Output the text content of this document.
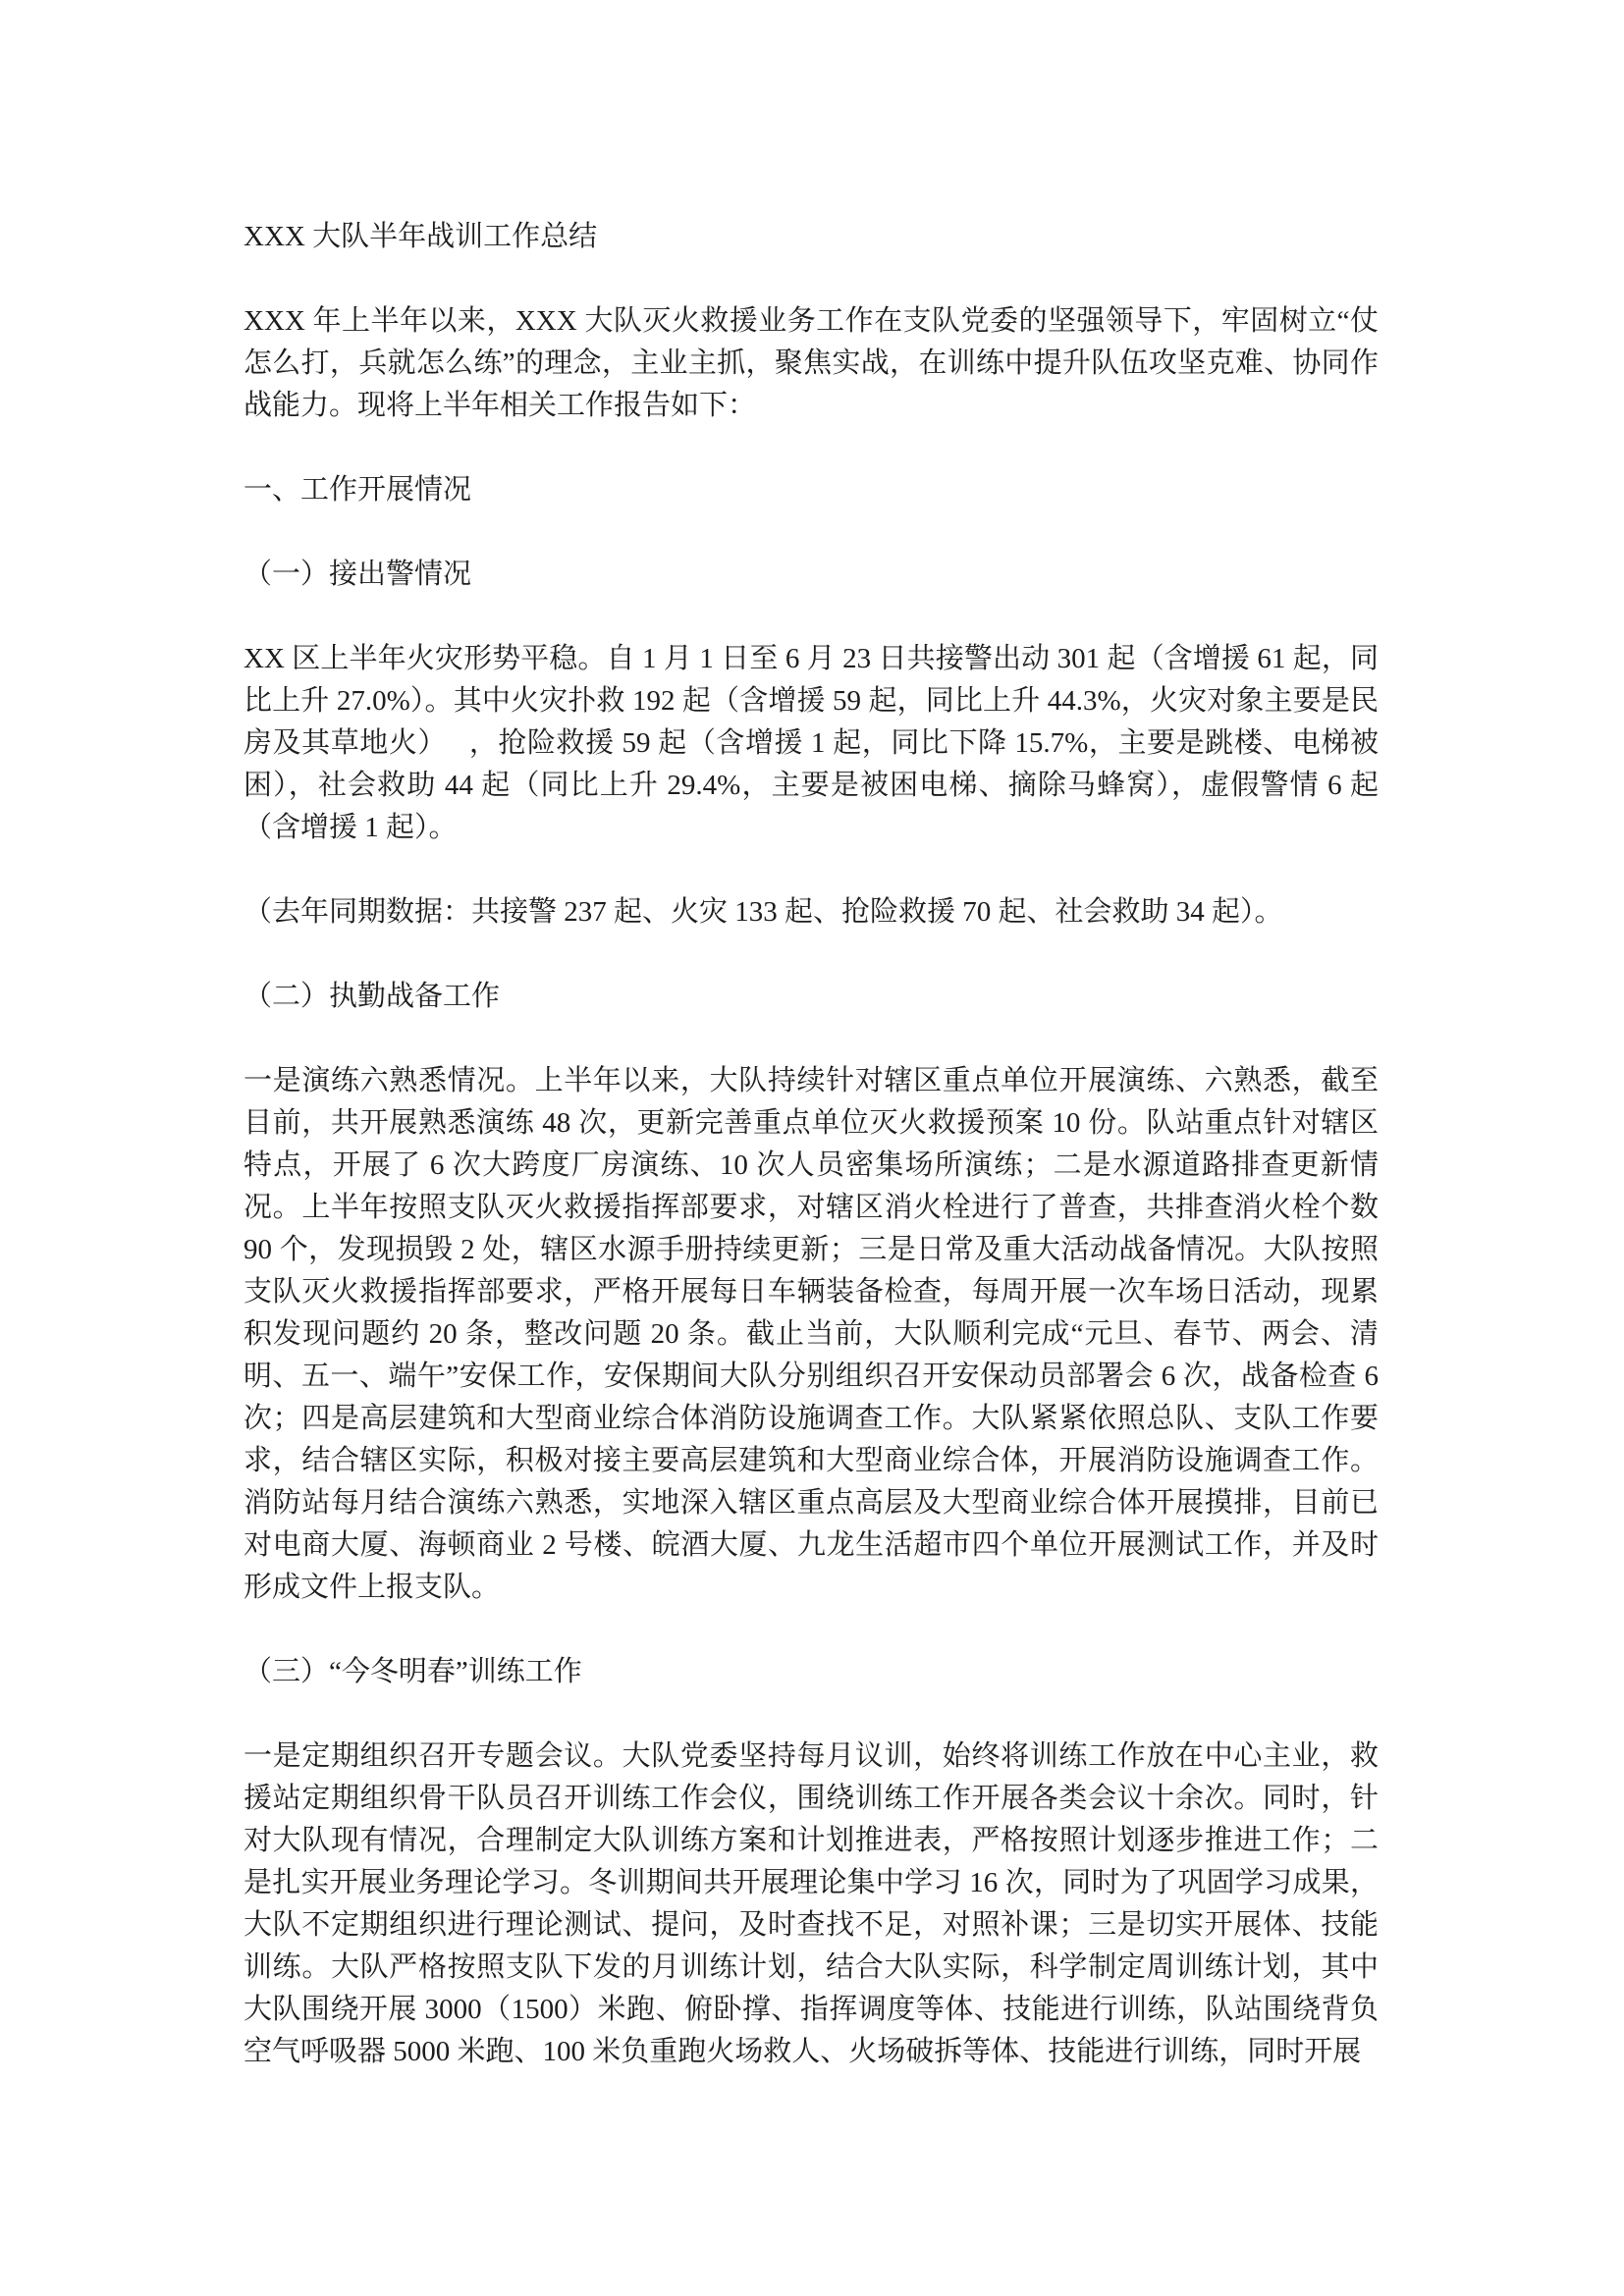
XXX 大队半年战训工作总结
XXX 年上半年以来，XXX 大队灭火救援业务工作在支队党委的坚强领导下，牢固树立“仗怎么打，兵就怎么练”的理念，主业主抓，聚焦实战，在训练中提升队伍攻坚克难、协同作战能力。现将上半年相关工作报告如下：
一、工作开展情况
（一）接出警情况
XX 区上半年火灾形势平稳。自 1 月 1 日至 6 月 23 日共接警出动 301 起（含增援 61 起，同比上升 27.0%）。其中火灾扑救 192 起（含增援 59 起，同比上升 44.3%，火灾对象主要是民房及其草地火）　 ，抢险救援 59 起（含增援 1 起，同比下降 15.7%，主要是跳楼、电梯被困），社会救助 44 起（同比上升 29.4%，主要是被困电梯、摘除马蜂窝），虚假警情 6 起（含增援 1 起）。
（去年同期数据：共接警 237 起、火灾 133 起、抢险救援 70 起、社会救助 34 起）。
（二）执勤战备工作
一是演练六熟悉情况。上半年以来，大队持续针对辖区重点单位开展演练、六熟悉，截至目前，共开展熟悉演练 48 次，更新完善重点单位灭火救援预案 10 份。队站重点针对辖区特点，开展了 6 次大跨度厂房演练、10 次人员密集场所演练；二是水源道路排查更新情况。上半年按照支队灭火救援指挥部要求，对辖区消火栓进行了普查，共排查消火栓个数 90 个，发现损毁 2 处，辖区水源手册持续更新；三是日常及重大活动战备情况。大队按照支队灭火救援指挥部要求，严格开展每日车辆装备检查，每周开展一次车场日活动，现累积发现问题约 20 条，整改问题 20 条。截止当前，大队顺利完成“元旦、春节、两会、清明、五一、端午”安保工作，安保期间大队分别组织召开安保动员部署会 6 次，战备检查 6 次；四是高层建筑和大型商业综合体消防设施调查工作。大队紧紧依照总队、支队工作要求，结合辖区实际，积极对接主要高层建筑和大型商业综合体，开展消防设施调查工作。消防站每月结合演练六熟悉，实地深入辖区重点高层及大型商业综合体开展摸排，目前已对电商大厦、海顿商业 2 号楼、皖酒大厦、九龙生活超市四个单位开展测试工作，并及时形成文件上报支队。
（三）“今冬明春”训练工作
一是定期组织召开专题会议。大队党委坚持每月议训，始终将训练工作放在中心主业，救援站定期组织骨干队员召开训练工作会仪，围绕训练工作开展各类会议十余次。同时，针对大队现有情况，合理制定大队训练方案和计划推进表，严格按照计划逐步推进工作；二是扎实开展业务理论学习。冬训期间共开展理论集中学习 16 次，同时为了巩固学习成果，大队不定期组织进行理论测试、提问，及时查找不足，对照补课；三是切实开展体、技能训练。大队严格按照支队下发的月训练计划，结合大队实际，科学制定周训练计划，其中大队围绕开展 3000（1500）米跑、俯卧撑、指挥调度等体、技能进行训练，队站围绕背负空气呼吸器 5000 米跑、100 米负重跑火场救人、火场破拆等体、技能进行训练，同时开展
